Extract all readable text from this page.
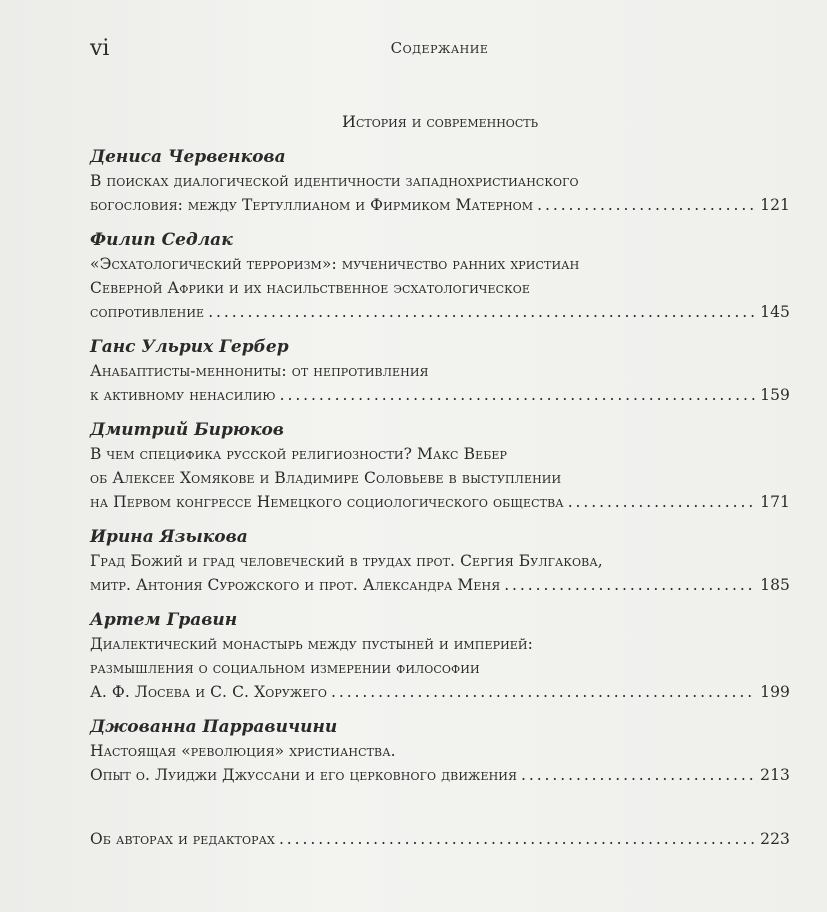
vi	Содержание
История и современность
Дениса Червенкова
В поисках диалогической идентичности западнохристианского
богословия: между Тертуллианом и Фирмиком Матерном . . .	121
Филип Седлак
«Эсхатологический терроризм»: мученичество ранних христиан
Северной Африки и их насильственное эсхатологическое
сопротивление . . .	145
Ганс Ульрих Гербер
Анабаптисты-меннониты: от непротивления
к активному ненасилию . . .	159
Дмитрий Бирюков
В чем специфика русской религиозности? Макс Вебер
об Алексее Хомякове и Владимире Соловьеве в выступлении
на Первом конгрессе Немецкого социологического общества . . .	171
Ирина Языкова
Град Божий и град человеческий в трудах прот. Сергия Булгакова,
митр. Антония Сурожского и прот. Александра Меня . . .	185
Артем Гравин
Диалектический монастырь между пустыней и империей:
размышления о социальном измерении философии
А. Ф. Лосева и С. С. Хоружего . . .	199
Джованна Парравичини
Настоящая «революция» христианства.
Опыт о. Луиджи Джуссани и его церковного движения . . .	213
Об авторах и редакторах . . .	223
